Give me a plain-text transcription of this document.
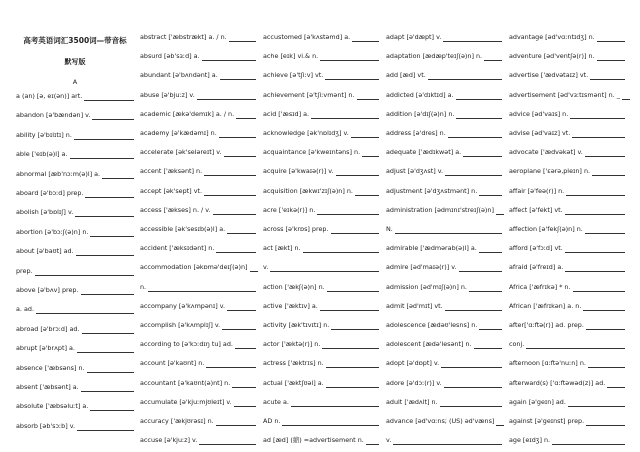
高考英语词汇3500词—带音标
默写版
A
a (an) [ə, eɪ(ən)] art.
abandon [ə'bændən] v.
ability [ə'bɪlɪtɪ] n.
able ['eɪb(ə)l] a.
abnormal [æb'nɔːm(ə)l] a.
aboard [ə'bɔːd] prep.
abolish [ə'bɒlɪʃ] v.
abortion [ə'bɔːʃ(ə)n] n.
about [ə'baʊt] ad.
prep.
above [ə'bʌv] prep.
a. ad.
abroad [ə'brɔːd] ad.
abrupt [ə'brʌpt] a.
absence ['æbsəns] n.
absent ['æbsənt] a.
absolute ['æbsəluːt] a.
absorb [əb'sɔːb] v.
abstract ['æbstrækt] a. / n.
absurd [əb'sɜːd] a.
abundant [ə'bʌndənt] a.
abuse [ə'bjuːz] v.
academic [ækə'demɪk] a. / n.
academy [ə'kædəmɪ] n.
accelerate [ək'seləreɪt] v.
accent ['æksənt] n.
accept [ək'sept] vt.
access ['ækses] n. / v.
accessible [ək'sesɪb(ə)l] a.
accident ['æksɪdənt] n.
accommodation [əkɒmə'deɪʃ(ə)n]
n.
accompany [ə'kʌmpənɪ] v.
accomplish [ə'kʌmplɪʃ] v.
according to [ə'kɔːdɪŋ tu] ad.
account [ə'kaʊnt] n.
accountant [ə'kaʊnt(ə)nt] n.
accumulate [ə'kjuːmjʊleɪt] v.
accuracy ['ækjʊrəsɪ] n.
accuse [ə'kjuːz] v.
accustomed [ə'kʌstəmd] a.
ache [eɪk] vi.& n.
achieve [ə'tʃiːv] vt.
achievement [ə'tʃiːvmənt] n.
acid ['æsɪd] a.
acknowledge [ək'nɒlɪdʒ] v.
acquaintance [ə'kweɪntəns] n.
acquire [ə'kwaɪə(r)] v.
acquisition [ækwɪ'zɪʃ(ə)n] n.
acre ['eɪkə(r)] n.
across [ə'krɒs] prep.
act [ækt] n.
v.
action ['ækʃ(ə)n] n.
active ['æktɪv] a.
activity [æk'tɪvɪtɪ] n.
actor ['æktə(r)] n.
actress ['æktrɪs] n.
actual ['æktʃʊəl] a.
acute a.
AD n.
ad [æd] (縮) =advertisement n.
adapt [ə'dæpt] v.
adaptation [ædæp'teɪʃ(ə)n] n.
add [æd] vt.
addicted [ə'dɪktɪd] a.
addition [ə'dɪʃ(ə)n] n.
address [ə'dres] n.
adequate ['ædɪkwət] a.
adjust [ə'dʒʌst] v.
adjustment [ə'dʒʌstmənt] n.
administration [ədmɪnɪ'streɪʃ(ə)n]
N.
admirable ['ædmərab(ə)l] a.
admire [əd'maɪə(r)] v.
admission [əd'mɪʃ(ə)n] n.
admit [əd'mɪt] vt.
adolescence [ædəʊ'lesns] n.
adolescent [ædə'lesənt] n.
adopt [ə'dɒpt] v.
adore [ə'dɔː(r)] v.
adult ['ædʌlt] n.
advance [əd'vɑːns; (US) əd'væns]
v.
advantage [əd'vɑːntɪdʒ] n.
adventure [əd'ventʃə(r)] n.
advertise ['ædvətaɪz] vt.
advertisement [əd'vɜːtɪsmənt] n. _
advice [əd'vaɪs] n.
advise [əd'vaɪz] vt.
advocate ['ædvəkət] v.
aeroplane ['ɛərə,pleɪn] n.
affair [ə'feə(r)] n.
affect [ə'fekt] vt.
affection [ə'fekʃ(ə)n] n.
afford [ə'fɔːd] vt.
afraid [ə'freɪd] a.
Africa ['æfrɪkə] * n.
African ['æfrɪkən] a. n.
after['ɑːftə(r)] ad. prep.
conj.
afternoon [ɑːftə'nuːn] n.
afterward(s) ['ɑːftəwəd(z)] ad.
again [ə'geɪn] ad.
against [ə'geɪnst] prep.
age [eɪdʒ] n.
